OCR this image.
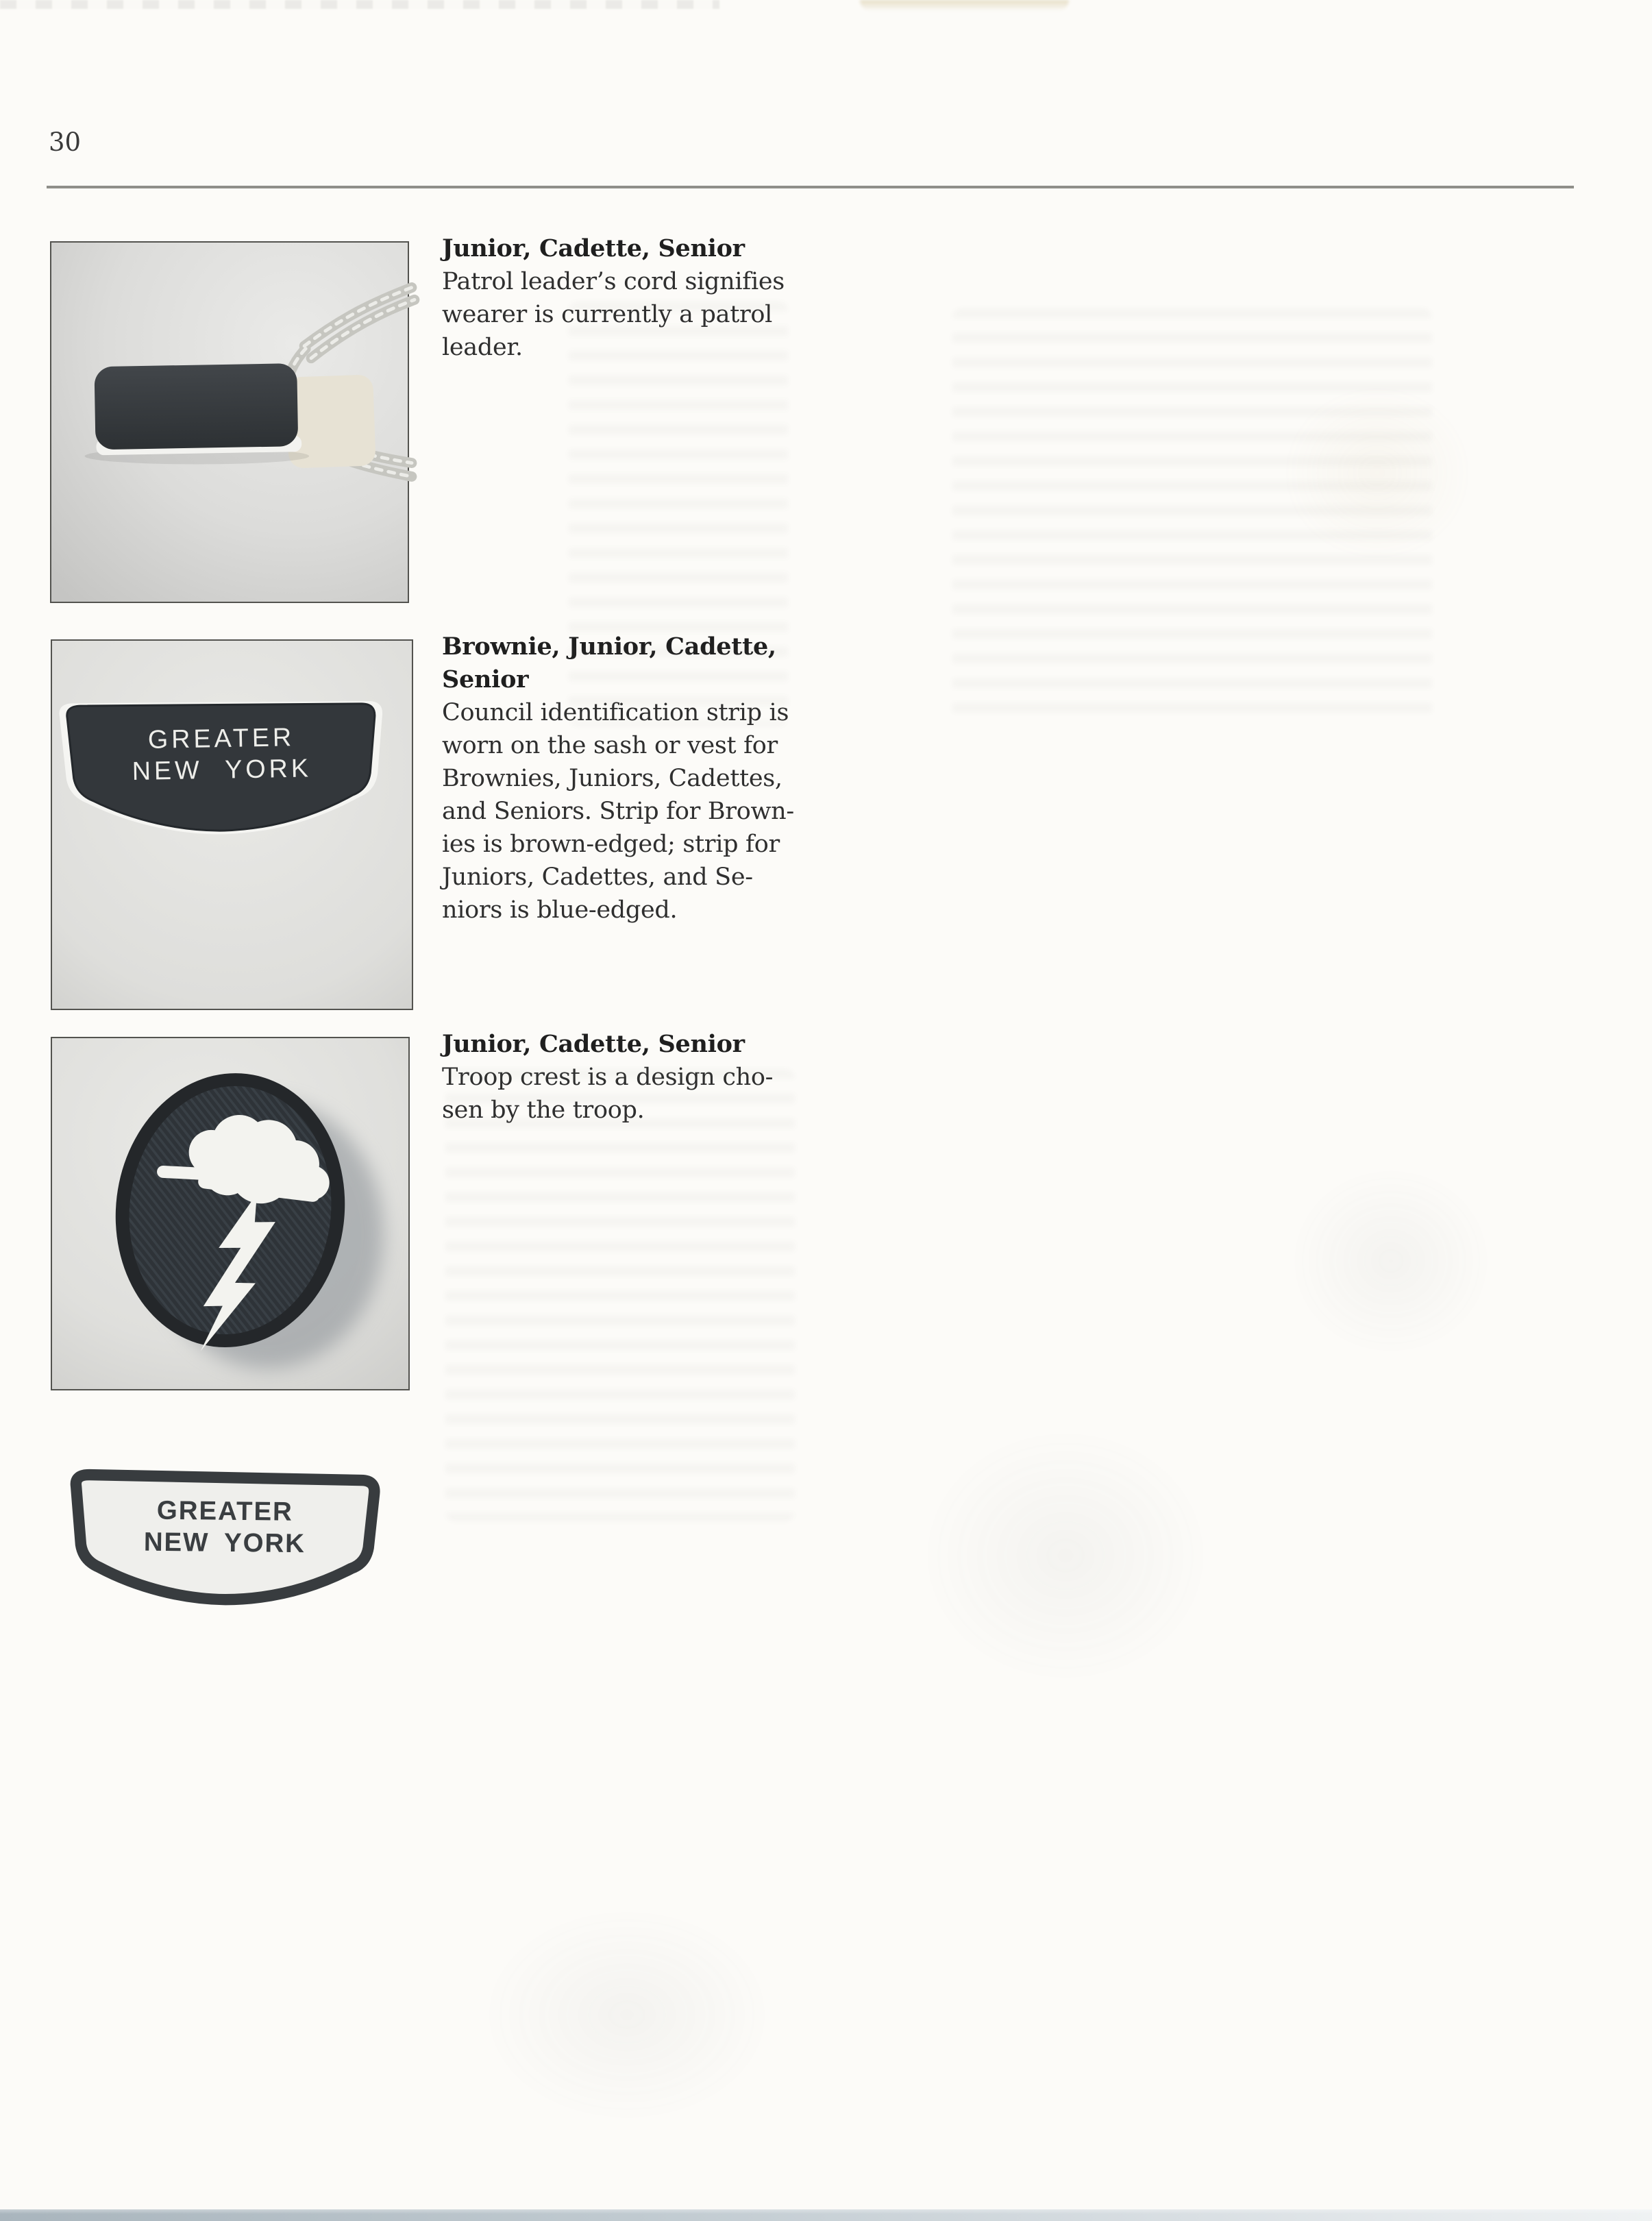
30
Junior, Cadette, Senior
Patrol leader’s cord signifies
wearer is currently a patrol
leader.
GREATER
NEW YORK
GREATER
NEW YORK
Brownie, Junior, Cadette,
Senior
Council identification strip is
worn on the sash or vest for
Brownies, Juniors, Cadettes,
and Seniors. Strip for Brown-
ies is brown-edged; strip for
Juniors, Cadettes, and Se-
niors is blue-edged.
Junior, Cadette, Senior
Troop crest is a design cho-
sen by the troop.
